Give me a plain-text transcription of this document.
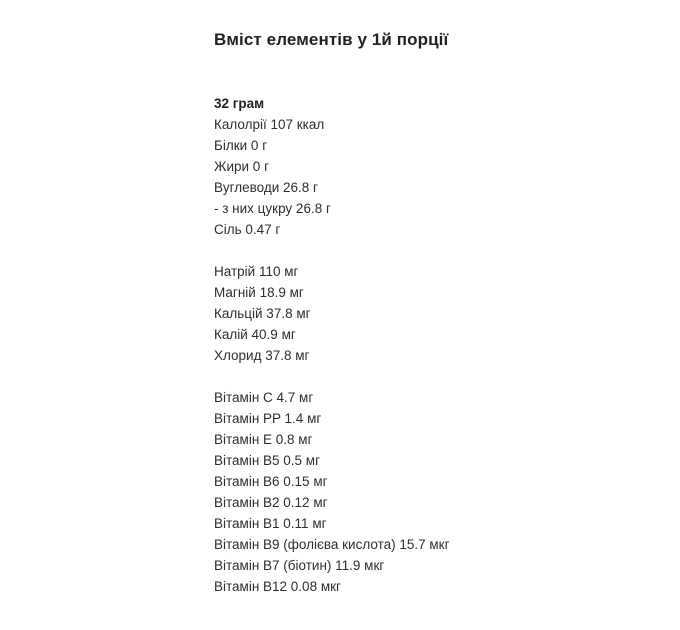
Вміст елементів у 1й порції
32 грам
Калолрії 107 ккал
Білки 0 г
Жири 0 г
Вуглеводи 26.8 г
- з них цукру 26.8 г
Сіль 0.47 г
Натрій 110 мг
Магній 18.9 мг
Кальцій 37.8 мг
Калій 40.9 мг
Хлорид 37.8 мг
Вітамін С 4.7 мг
Вітамін PP 1.4 мг
Вітамін E 0.8 мг
Вітамін В5 0.5 мг
Вітамін В6 0.15 мг
Вітамін В2 0.12 мг
Вітамін В1 0.11 мг
Вітамін В9 (фолієва кислота) 15.7 мкг
Вітамін В7 (біотин) 11.9 мкг
Вітамін В12 0.08 мкг
